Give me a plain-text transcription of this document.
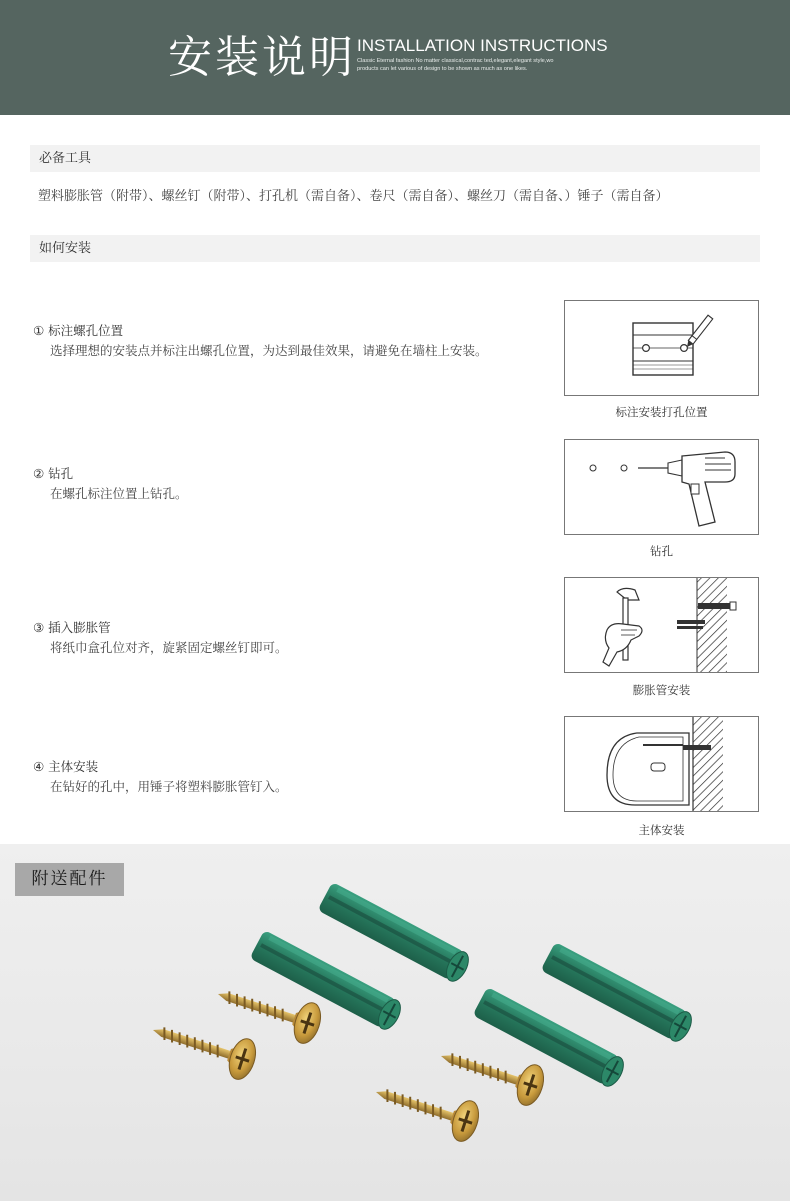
安装说明 INSTALLATION INSTRUCTIONS
Classic Eternal fashion No matter classical,contrac ted,elegant,elegant style,wo products can let various of design to be shown as much as one likes.
必备工具
塑料膨胀管（附带）、螺丝钉（附带）、打孔机（需自备）、卷尺（需自备）、螺丝刀（需自备、）锤子（需自备）
如何安装
① 标注螺孔位置
选择理想的安装点并标注出螺孔位置，为达到最佳效果，请避免在墙柱上安装。
标注安装打孔位置
② 钻孔
在螺孔标注位置上钻孔。
钻孔
③ 插入膨胀管
将纸巾盒孔位对齐，旋紧固定螺丝钉即可。
膨胀管安装
④ 主体安装
在钻好的孔中，用锤子将塑料膨胀管钉入。
主体安装
附送配件
